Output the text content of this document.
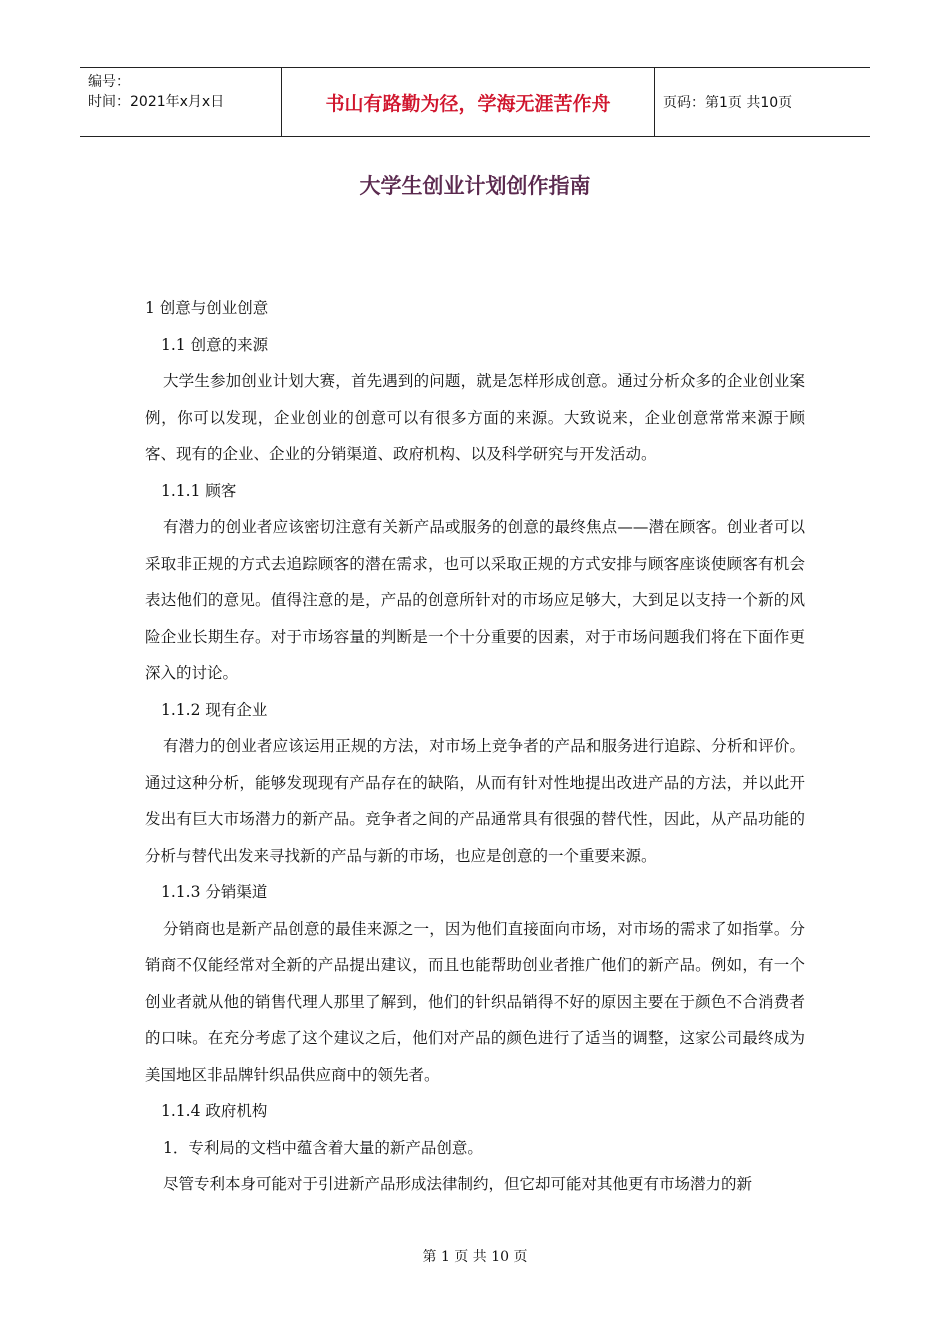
编号：
时间：2021年x月x日	书山有路勤为径，学海无涯苦作舟	页码：第1页 共10页
大学生创业计划创作指南

1 创意与创业创意

1.1 创意的来源

大学生参加创业计划大赛，首先遇到的问题，就是怎样形成创意。通过分析众多的企业创业案例，你可以发现，企业创业的创意可以有很多方面的来源。大致说来，企业创意常常来源于顾客、现有的企业、企业的分销渠道、政府机构、以及科学研究与开发活动。

1.1.1 顾客

有潜力的创业者应该密切注意有关新产品或服务的创意的最终焦点——潜在顾客。创业者可以采取非正规的方式去追踪顾客的潜在需求，也可以采取正规的方式安排与顾客座谈使顾客有机会表达他们的意见。值得注意的是，产品的创意所针对的市场应足够大，大到足以支持一个新的风险企业长期生存。对于市场容量的判断是一个十分重要的因素，对于市场问题我们将在下面作更深入的讨论。

1.1.2 现有企业

有潜力的创业者应该运用正规的方法，对市场上竞争者的产品和服务进行追踪、分析和评价。通过这种分析，能够发现现有产品存在的缺陷，从而有针对性地提出改进产品的方法，并以此开发出有巨大市场潜力的新产品。竞争者之间的产品通常具有很强的替代性，因此，从产品功能的分析与替代出发来寻找新的产品与新的市场，也应是创意的一个重要来源。

1.1.3 分销渠道

分销商也是新产品创意的最佳来源之一，因为他们直接面向市场，对市场的需求了如指掌。分销商不仅能经常对全新的产品提出建议，而且也能帮助创业者推广他们的新产品。例如，有一个创业者就从他的销售代理人那里了解到，他们的针织品销得不好的原因主要在于颜色不合消费者的口味。在充分考虑了这个建议之后，他们对产品的颜色进行了适当的调整，这家公司最终成为美国地区非品牌针织品供应商中的领先者。

1.1.4 政府机构

1．专利局的文档中蕴含着大量的新产品创意。

尽管专利本身可能对于引进新产品形成法律制约，但它却可能对其他更有市场潜力的新

第 1 页 共 10 页
